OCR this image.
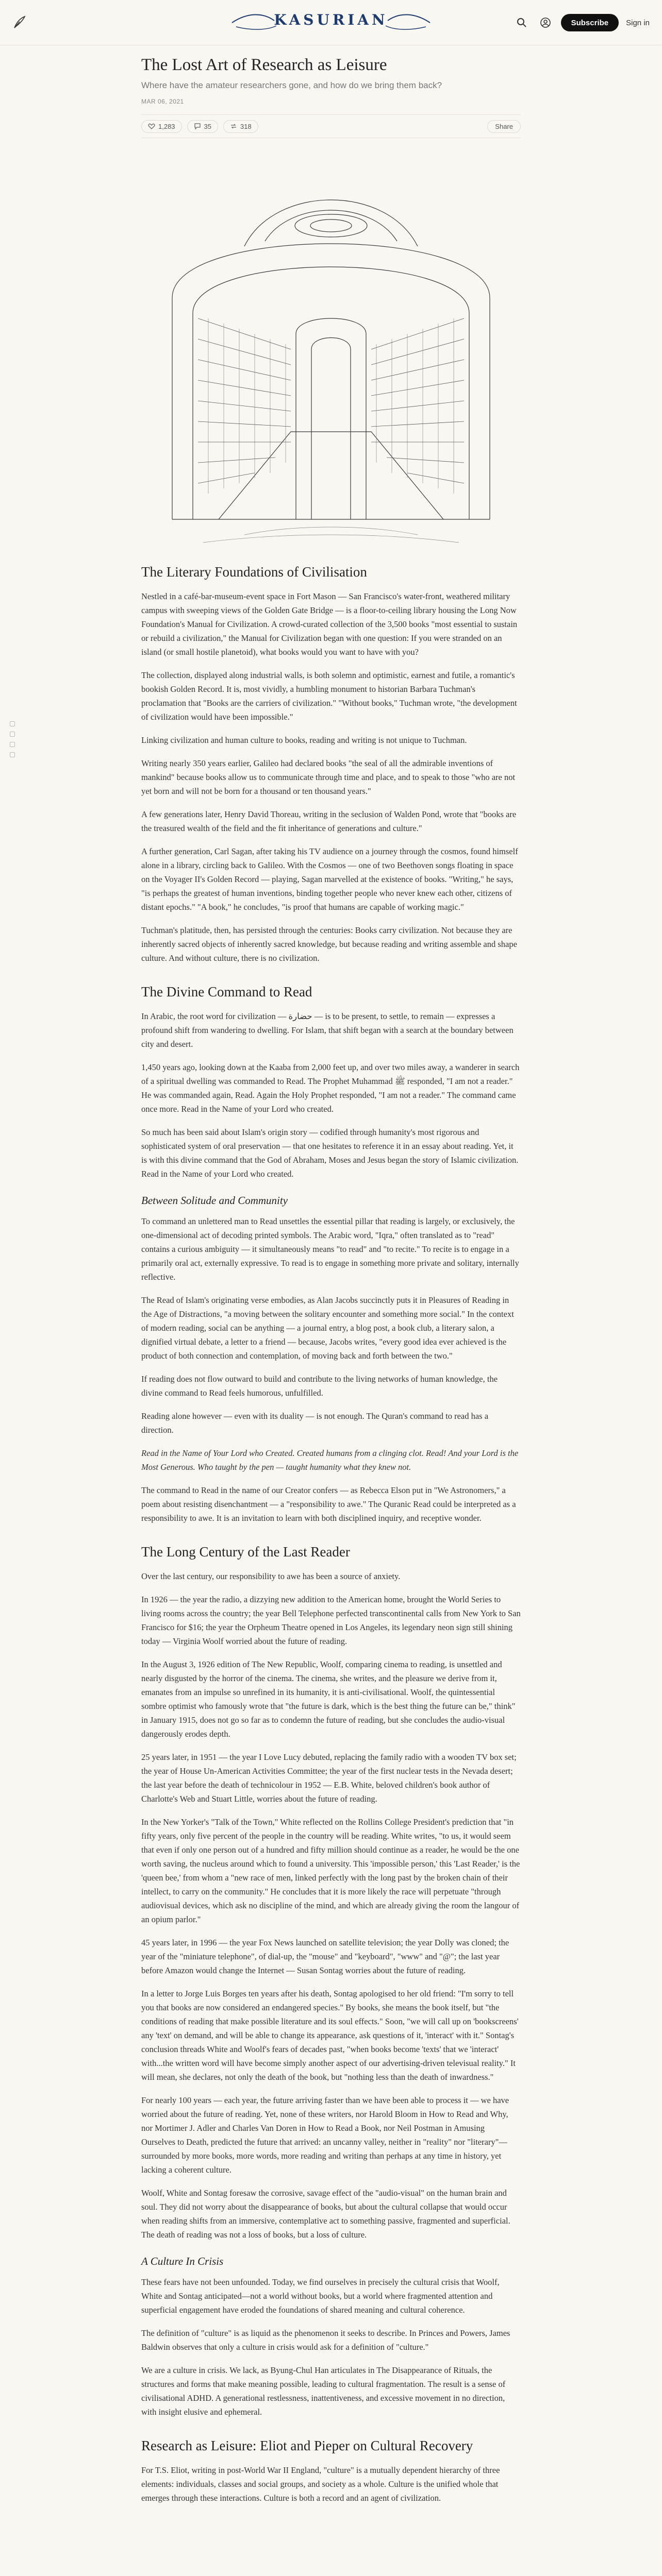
KASURIAN	Subscribe	Sign in
The Lost Art of Research as Leisure
Where have the amateur researchers gone, and how do we bring them back?
MAR 06, 2021
1,283	35	318	Share
The Literary Foundations of Civilisation

Nestled in a café-bar-museum-event space in Fort Mason — San Francisco's water-front, weathered military campus with sweeping views of the Golden Gate Bridge — is a floor-to-ceiling library housing the Long Now Foundation's Manual for Civilization. A crowd-curated collection of the 3,500 books "most essential to sustain or rebuild a civilization," the Manual for Civilization began with one question: If you were stranded on an island (or small hostile planetoid), what books would you want to have with you?

The collection, displayed along industrial walls, is both solemn and optimistic, earnest and futile, a romantic's bookish Golden Record. It is, most vividly, a humbling monument to historian Barbara Tuchman's proclamation that "Books are the carriers of civilization." "Without books," Tuchman wrote, "the development of civilization would have been impossible."

Linking civilization and human culture to books, reading and writing is not unique to Tuchman.

Writing nearly 350 years earlier, Galileo had declared books "the seal of all the admirable inventions of mankind" because books allow us to communicate through time and place, and to speak to those "who are not yet born and will not be born for a thousand or ten thousand years."

A few generations later, Henry David Thoreau, writing in the seclusion of Walden Pond, wrote that "books are the treasured wealth of the field and the fit inheritance of generations and culture."

A further generation, Carl Sagan, after taking his TV audience on a journey through the cosmos, found himself alone in a library, circling back to Galileo. With the Cosmos — one of two Beethoven songs floating in space on the Voyager II's Golden Record — playing, Sagan marvelled at the existence of books. "Writing," he says, "is perhaps the greatest of human inventions, binding together people who never knew each other, citizens of distant epochs." "A book," he concludes, "is proof that humans are capable of working magic."

Tuchman's platitude, then, has persisted through the centuries: Books carry civilization. Not because they are inherently sacred objects of inherently sacred knowledge, but because reading and writing assemble and shape culture. And without culture, there is no civilization.

The Divine Command to Read

In Arabic, the root word for civilization — حضارة — is to be present, to settle, to remain — expresses a profound shift from wandering to dwelling. For Islam, that shift began with a search at the boundary between city and desert.

1,450 years ago, looking down at the Kaaba from 2,000 feet up, and over two miles away, a wanderer in search of a spiritual dwelling was commanded to Read. The Prophet Muhammad ﷺ responded, "I am not a reader." He was commanded again, Read. Again the Holy Prophet responded, "I am not a reader." The command came once more. Read in the Name of your Lord who created.

So much has been said about Islam's origin story — codified through humanity's most rigorous and sophisticated system of oral preservation — that one hesitates to reference it in an essay about reading. Yet, it is with this divine command that the God of Abraham, Moses and Jesus began the story of Islamic civilization. Read in the Name of your Lord who created.

Between Solitude and Community

To command an unlettered man to Read unsettles the essential pillar that reading is largely, or exclusively, the one-dimensional act of decoding printed symbols. The Arabic word, "Iqra," often translated as to "read" contains a curious ambiguity — it simultaneously means "to read" and "to recite." To recite is to engage in a primarily oral act, externally expressive. To read is to engage in something more private and solitary, internally reflective.

The Read of Islam's originating verse embodies, as Alan Jacobs succinctly puts it in Pleasures of Reading in the Age of Distractions, "a moving between the solitary encounter and something more social." In the context of modern reading, social can be anything — a journal entry, a blog post, a book club, a literary salon, a dignified virtual debate, a letter to a friend — because, Jacobs writes, "every good idea ever achieved is the product of both connection and contemplation, of moving back and forth between the two."

If reading does not flow outward to build and contribute to the living networks of human knowledge, the divine command to Read feels humorous, unfulfilled.

Reading alone however — even with its duality — is not enough. The Quran's command to read has a direction.

Read in the Name of Your Lord who Created. Created humans from a clinging clot. Read! And your Lord is the Most Generous. Who taught by the pen — taught humanity what they knew not.

The command to Read in the name of our Creator confers — as Rebecca Elson put in "We Astronomers," a poem about resisting disenchantment — a "responsibility to awe." The Quranic Read could be interpreted as a responsibility to awe. It is an invitation to learn with both disciplined inquiry, and receptive wonder.

The Long Century of the Last Reader

Over the last century, our responsibility to awe has been a source of anxiety.

In 1926 — the year the radio, a dizzying new addition to the American home, brought the World Series to living rooms across the country; the year Bell Telephone perfected transcontinental calls from New York to San Francisco for $16; the year the Orpheum Theatre opened in Los Angeles, its legendary neon sign still shining today — Virginia Woolf worried about the future of reading.

In the August 3, 1926 edition of The New Republic, Woolf, comparing cinema to reading, is unsettled and nearly disgusted by the horror of the cinema. The cinema, she writes, and the pleasure we derive from it, emanates from an impulse so unrefined in its humanity, it is anti-civilisational. Woolf, the quintessential sombre optimist who famously wrote that "the future is dark, which is the best thing the future can be," think" in January 1915, does not go so far as to condemn the future of reading, but she concludes the audio-visual dangerously erodes depth.

25 years later, in 1951 — the year I Love Lucy debuted, replacing the family radio with a wooden TV box set; the year of House Un-American Activities Committee; the year of the first nuclear tests in the Nevada desert; the last year before the death of technicolour in 1952 — E.B. White, beloved children's book author of Charlotte's Web and Stuart Little, worries about the future of reading.

In the New Yorker's "Talk of the Town," White reflected on the Rollins College President's prediction that "in fifty years, only five percent of the people in the country will be reading. White writes, "to us, it would seem that even if only one person out of a hundred and fifty million should continue as a reader, he would be the one worth saving, the nucleus around which to found a university. This 'impossible person,' this 'Last Reader,' is the 'queen bee,' from whom a "new race of men, linked perfectly with the long past by the broken chain of their intellect, to carry on the community." He concludes that it is more likely the race will perpetuate "through audiovisual devices, which ask no discipline of the mind, and which are already giving the room the langour of an opium parlor."

45 years later, in 1996 — the year Fox News launched on satellite television; the year Dolly was cloned; the year of the "miniature telephone", of dial-up, the "mouse" and "keyboard", "www" and "@"; the last year before Amazon would change the Internet — Susan Sontag worries about the future of reading.

In a letter to Jorge Luis Borges ten years after his death, Sontag apologised to her old friend: "I'm sorry to tell you that books are now considered an endangered species." By books, she means the book itself, but "the conditions of reading that make possible literature and its soul effects." Soon, "we will call up on 'bookscreens' any 'text' on demand, and will be able to change its appearance, ask questions of it, 'interact' with it." Sontag's conclusion threads White and Woolf's fears of decades past, "when books become 'texts' that we 'interact' with...the written word will have become simply another aspect of our advertising-driven televisual reality." It will mean, she declares, not only the death of the book, but "nothing less than the death of inwardness."

For nearly 100 years — each year, the future arriving faster than we have been able to process it — we have worried about the future of reading. Yet, none of these writers, nor Harold Bloom in How to Read and Why, nor Mortimer J. Adler and Charles Van Doren in How to Read a Book, nor Neil Postman in Amusing Ourselves to Death, predicted the future that arrived: an uncanny valley, neither in "reality" nor "literary"—surrounded by more books, more words, more reading and writing than perhaps at any time in history, yet lacking a coherent culture.

Woolf, White and Sontag foresaw the corrosive, savage effect of the "audio-visual" on the human brain and soul. They did not worry about the disappearance of books, but about the cultural collapse that would occur when reading shifts from an immersive, contemplative act to something passive, fragmented and superficial. The death of reading was not a loss of books, but a loss of culture.

A Culture In Crisis

These fears have not been unfounded. Today, we find ourselves in precisely the cultural crisis that Woolf, White and Sontag anticipated—not a world without books, but a world where fragmented attention and superficial engagement have eroded the foundations of shared meaning and cultural coherence.

The definition of "culture" is as liquid as the phenomenon it seeks to describe. In Princes and Powers, James Baldwin observes that only a culture in crisis would ask for a definition of "culture."

We are a culture in crisis. We lack, as Byung-Chul Han articulates in The Disappearance of Rituals, the structures and forms that make meaning possible, leading to cultural fragmentation. The result is a sense of civilisational ADHD. A generational restlessness, inattentiveness, and excessive movement in no direction, with insight elusive and ephemeral.

Research as Leisure: Eliot and Pieper on Cultural Recovery

For T.S. Eliot, writing in post-World War II England, "culture" is a mutually dependent hierarchy of three elements: individuals, classes and social groups, and society as a whole. Culture is the unified whole that emerges through these interactions. Culture is both a record and an agent of civilization.
